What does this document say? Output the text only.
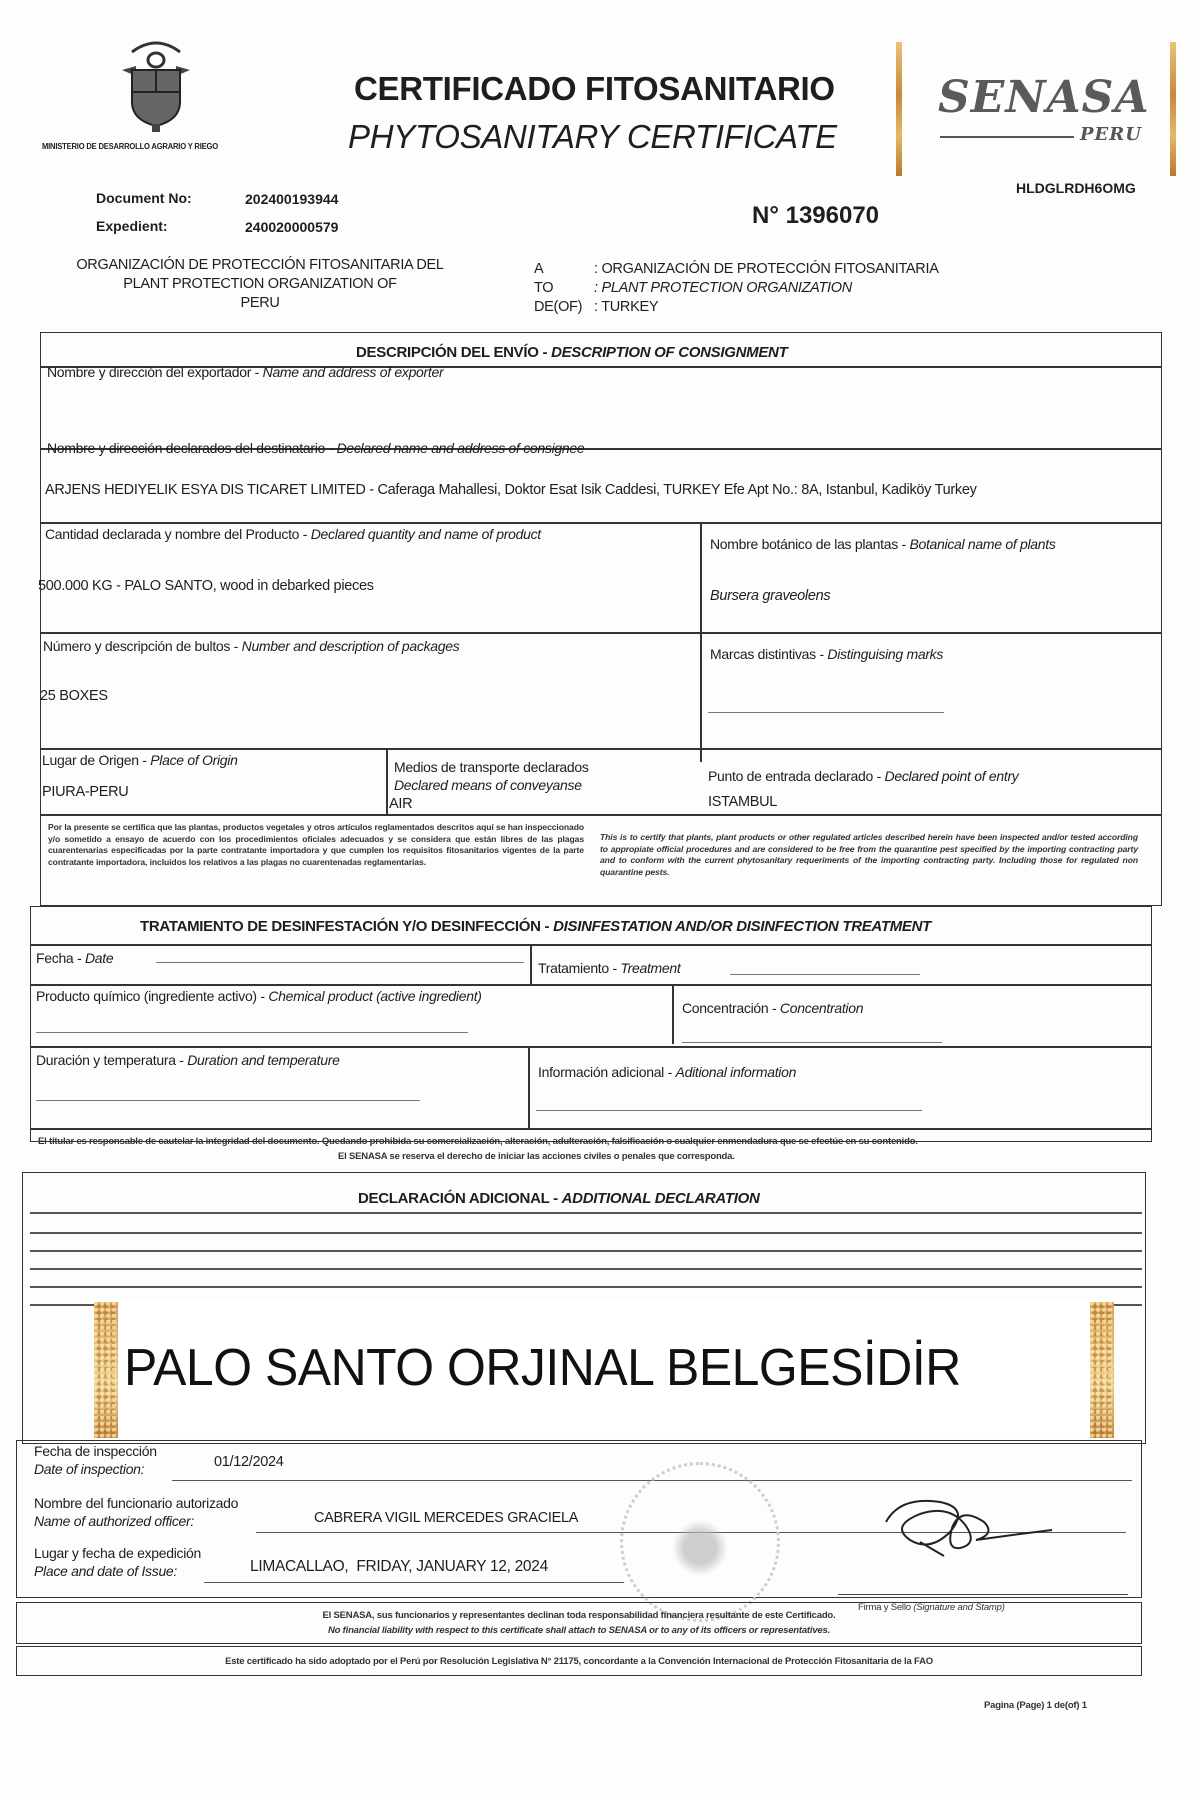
MINISTERIO DE DESARROLLO AGRARIO Y RIEGO
CERTIFICADO FITOSANITARIO
PHYTOSANITARY CERTIFICATE
SENASA
PERU
HLDGLRDH6OMG
Document No:	202400193944
Expedient:	240020000579	N° 1396070
ORGANIZACIÓN DE PROTECCIÓN FITOSANITARIA DEL
PLANT PROTECTION ORGANIZATION OF
PERU
A	: ORGANIZACIÓN DE PROTECCIÓN FITOSANITARIA
TO	: PLANT PROTECTION ORGANIZATION
DE(OF) : TURKEY
DESCRIPCIÓN DEL ENVÍO - DESCRIPTION OF CONSIGNMENT
Nombre y dirección del exportador - Name and address of exporter
Nombre y dirección declarados del destinatario - Declared name and address of consignee
ARJENS HEDIYELIK ESYA DIS TICARET LIMITED - Caferaga Mahallesi, Doktor Esat Isik Caddesi, TURKEY Efe Apt No.: 8A, Istanbul, Kadiköy Turkey
Cantidad declarada y nombre del Producto - Declared quantity and name of product
500.000 KG - PALO SANTO, wood in debarked pieces
Nombre botánico de las plantas - Botanical name of plants
Bursera graveolens
Número y descripción de bultos - Number and description of packages
25 BOXES
Marcas distintivas - Distinguising marks
Lugar de Origen - Place of Origin
PIURA-PERU
Medios de transporte declarados
Declared means of conveyanse
AIR
Punto de entrada declarado - Declared point of entry
ISTAMBUL
Por la presente se certifica que las plantas, productos vegetales y otros artículos reglamentados descritos aquí se han inspeccionado y/o sometido a ensayo de acuerdo con los procedimientos oficiales adecuados y se considera que están libres de las plagas cuarentenarias especificadas por la parte contratante importadora y que cumplen los requisitos fitosanitarios vigentes de la parte contratante importadora, incluidos los relativos a las plagas no cuarentenadas reglamentarias.
This is to certify that plants, plant products or other regulated articles described herein have been inspected and/or tested according to appropiate official procedures and are considered to be free from the quarantine pest specified by the importing contracting party and to conform with the current phytosanitary requeriments of the importing contracting party. Including those for regulated non quarantine pests.
TRATAMIENTO DE DESINFESTACIÓN Y/O DESINFECCIÓN - DISINFESTATION AND/OR DISINFECTION TREATMENT
Fecha - Date
Tratamiento - Treatment
Producto químico (ingrediente activo) - Chemical product (active ingredient)
Concentración - Concentration
Duración y temperatura - Duration and temperature
Información adicional - Aditional information
El titular es responsable de cautelar la integridad del documento. Quedando prohibida su comercialización, alteración, adulteración, falsificación o cualquier enmendadura que se efectúe en su contenido.
El SENASA se reserva el derecho de iniciar las acciones civiles o penales que corresponda.
DECLARACIÓN ADICIONAL - ADDITIONAL DECLARATION
PALO SANTO ORJINAL BELGESİDİR
Fecha de inspección
Date of inspection:	01/12/2024
Nombre del funcionario autorizado
Name of authorized officer:	CABRERA VIGIL MERCEDES GRACIELA
Lugar y fecha de expedición
Place and date of Issue:	LIMACALLAO,  FRIDAY, JANUARY 12, 2024
Firma y Sello (Signature and Stamp)
El SENASA, sus funcionarios y representantes declinan toda responsabilidad financiera resultante de este Certificado.
No financial liability with respect to this certificate shall attach to SENASA or to any of its officers or representatives.
Este certificado ha sido adoptado por el Perú por Resolución Legislativa N° 21175, concordante a la Convención Internacional de Protección Fitosanitaria de la FAO
Pagina (Page) 1 de(of) 1
